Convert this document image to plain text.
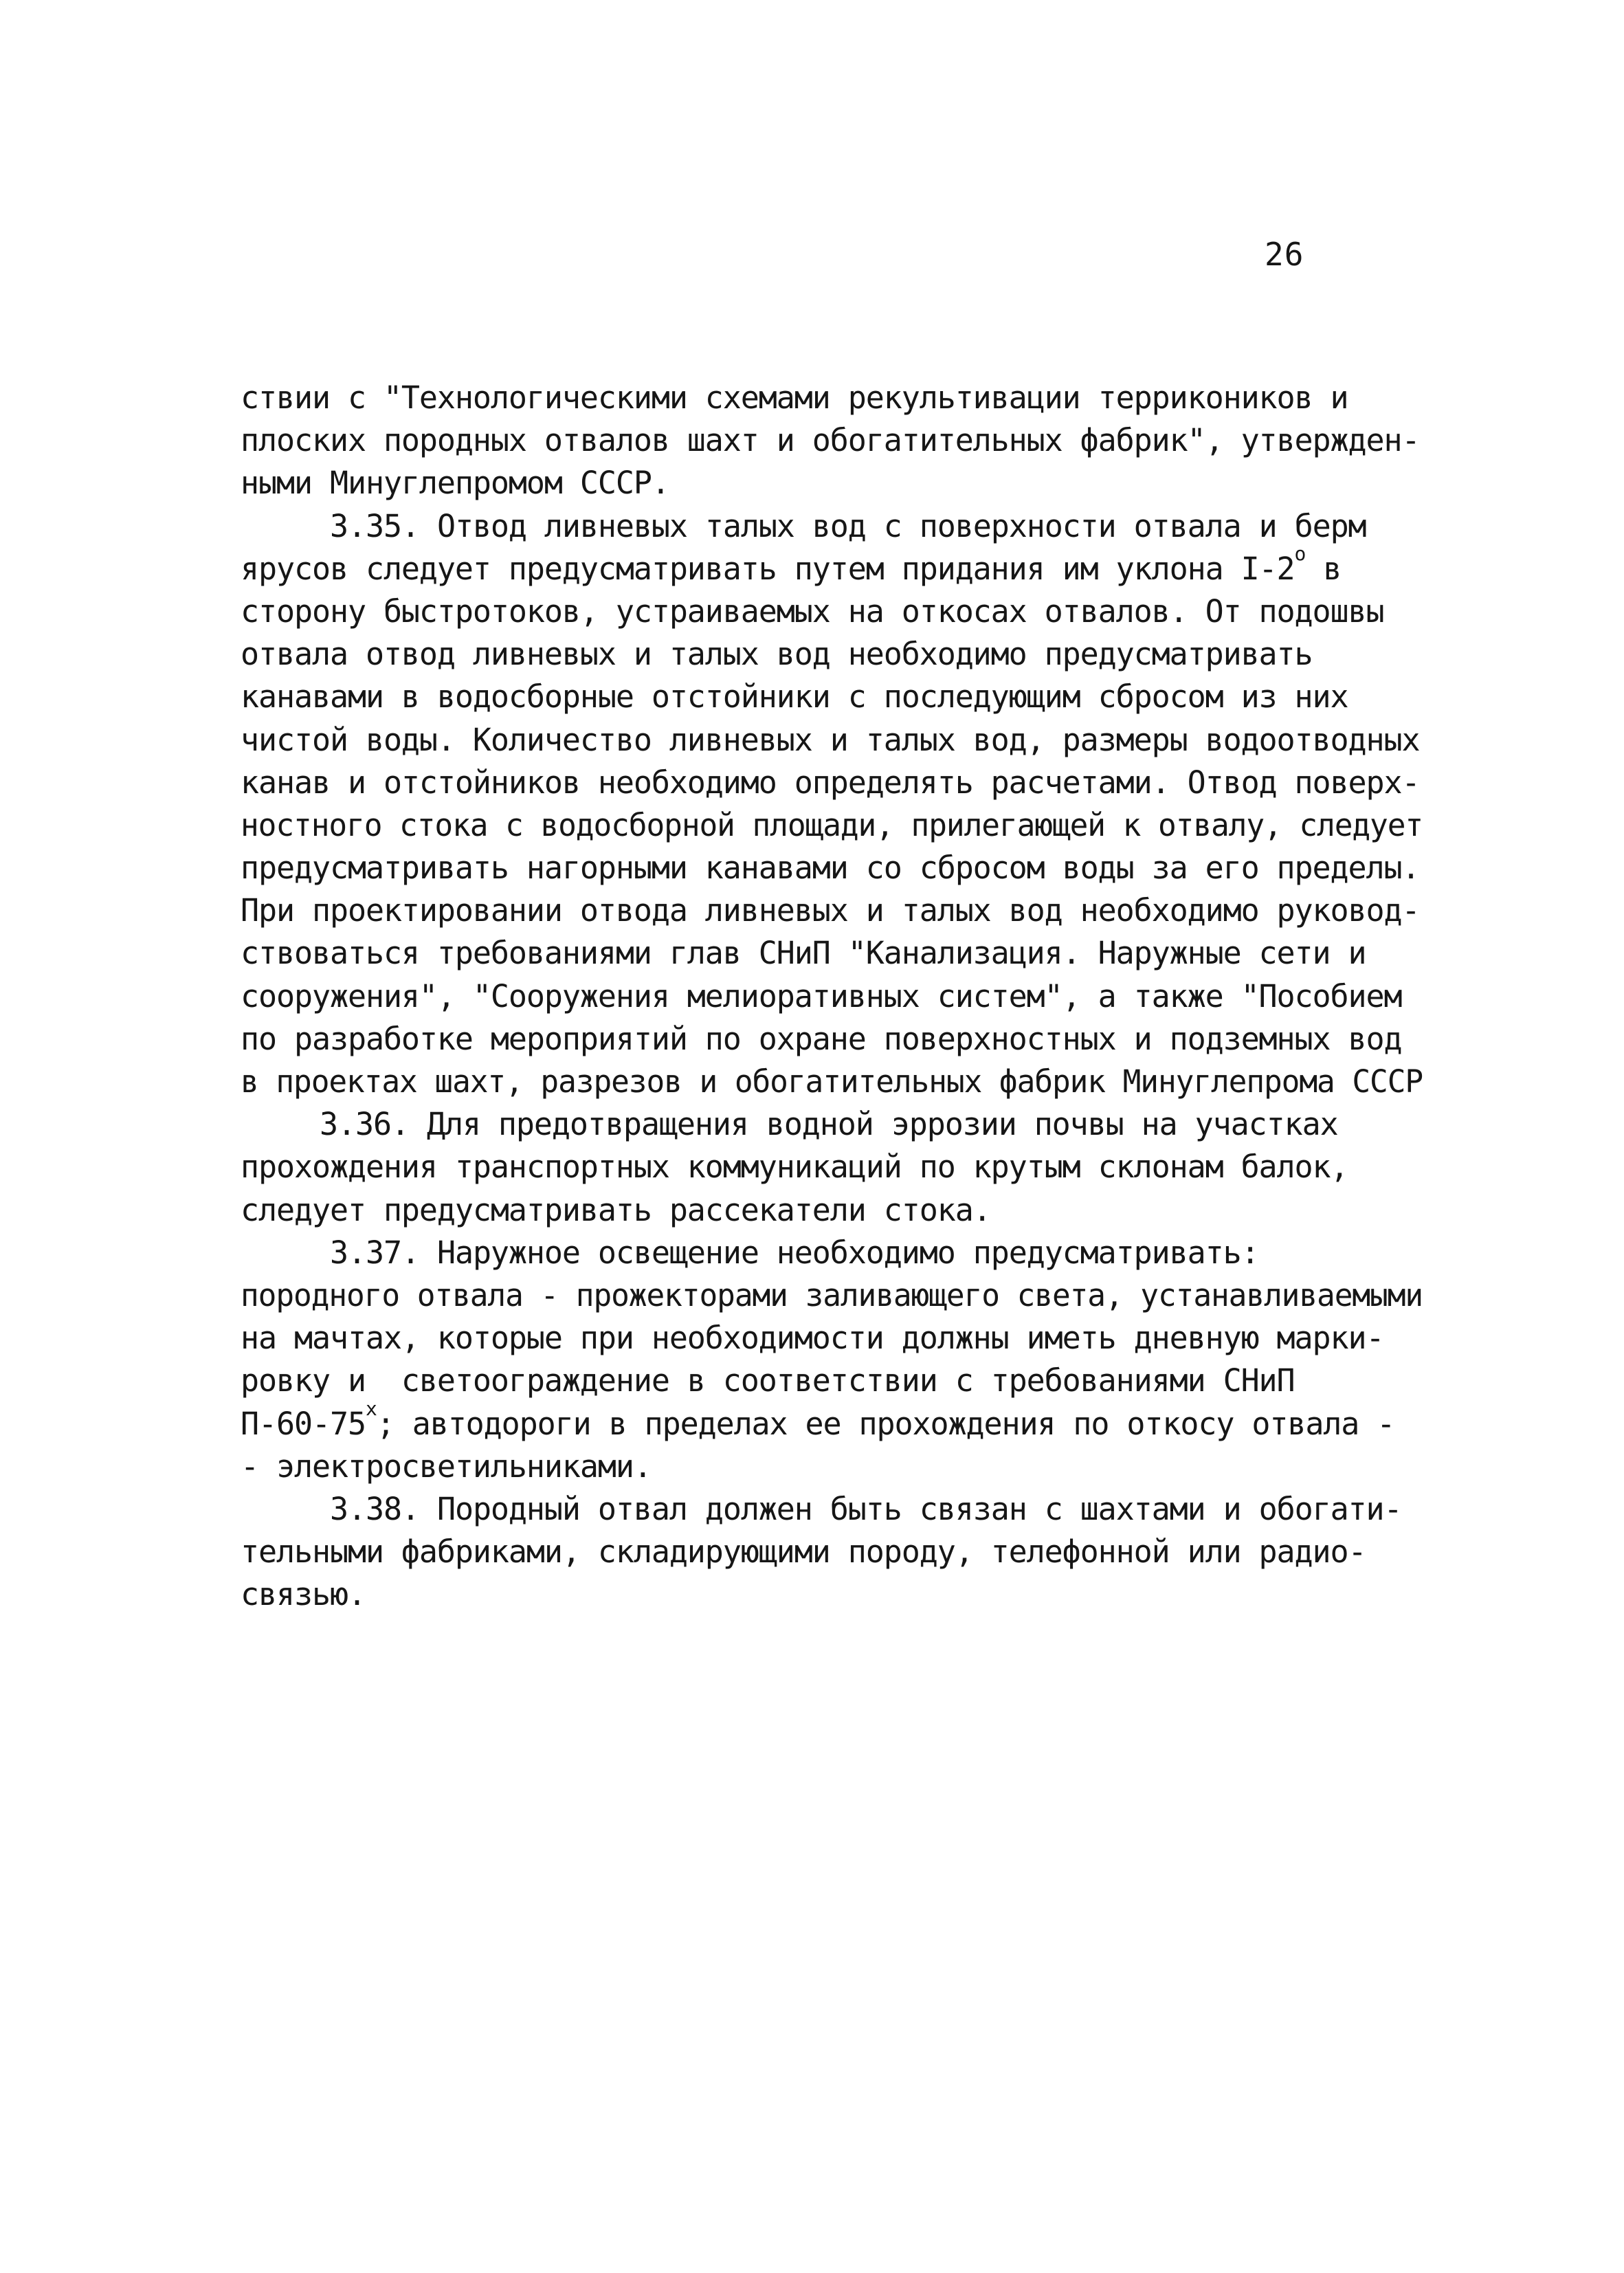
26
ствии с "Технологическими схемами рекультивации террикоников и
плоских породных отвалов шахт и обогатительных фабрик", утвержден-
ными Минуглепромом СССР.
3.35. Отвод ливневых талых вод с поверхности отвала и берм
ярусов следует предусматривать путем придания им уклона $I-2^о$ в
сторону быстротоков, устраиваемых на откосах отвалов. От подошвы
отвала отвод ливневых и талых вод необходимо предусматривать
канавами в водосборные отстойники с последующим сбросом из них
чистой воды. Количество ливневых и талых вод, размеры водоотводных
канав и отстойников необходимо определять расчетами. Отвод поверх-
ностного стока с водосборной площади, прилегающей к отвалу, следует
предусматривать нагорными канавами со сбросом воды за его пределы.
При проектировании отвода ливневых и талых вод необходимо руковод-
ствоваться требованиями глав СНиП "Канализация. Наружные сети и
сооружения", "Сооружения мелиоративных систем", а также "Пособием
по разработке мероприятий по охране поверхностных и подземных вод
в проектах шахт, разрезов и обогатительных фабрик Минуглепрома СССР
3.36. Для предотвращения водной эррозии почвы на участках
прохождения транспортных коммуникаций по крутым склонам балок,
следует предусматривать рассекатели стока.
3.37. Наружное освещение необходимо предусматривать:
породного отвала - прожекторами заливающего света, устанавливаемыми
на мачтах, которые при необходимости должны иметь дневную марки-
ровку и  светоограждение в соответствии с требованиями СНиП
$П-60-75^х$; автодороги в пределах ее прохождения по откосу отвала -
- электросветильниками.
3.38. Породный отвал должен быть связан с шахтами и обогати-
тельными фабриками, складирующими породу, телефонной или радио-
связью.
